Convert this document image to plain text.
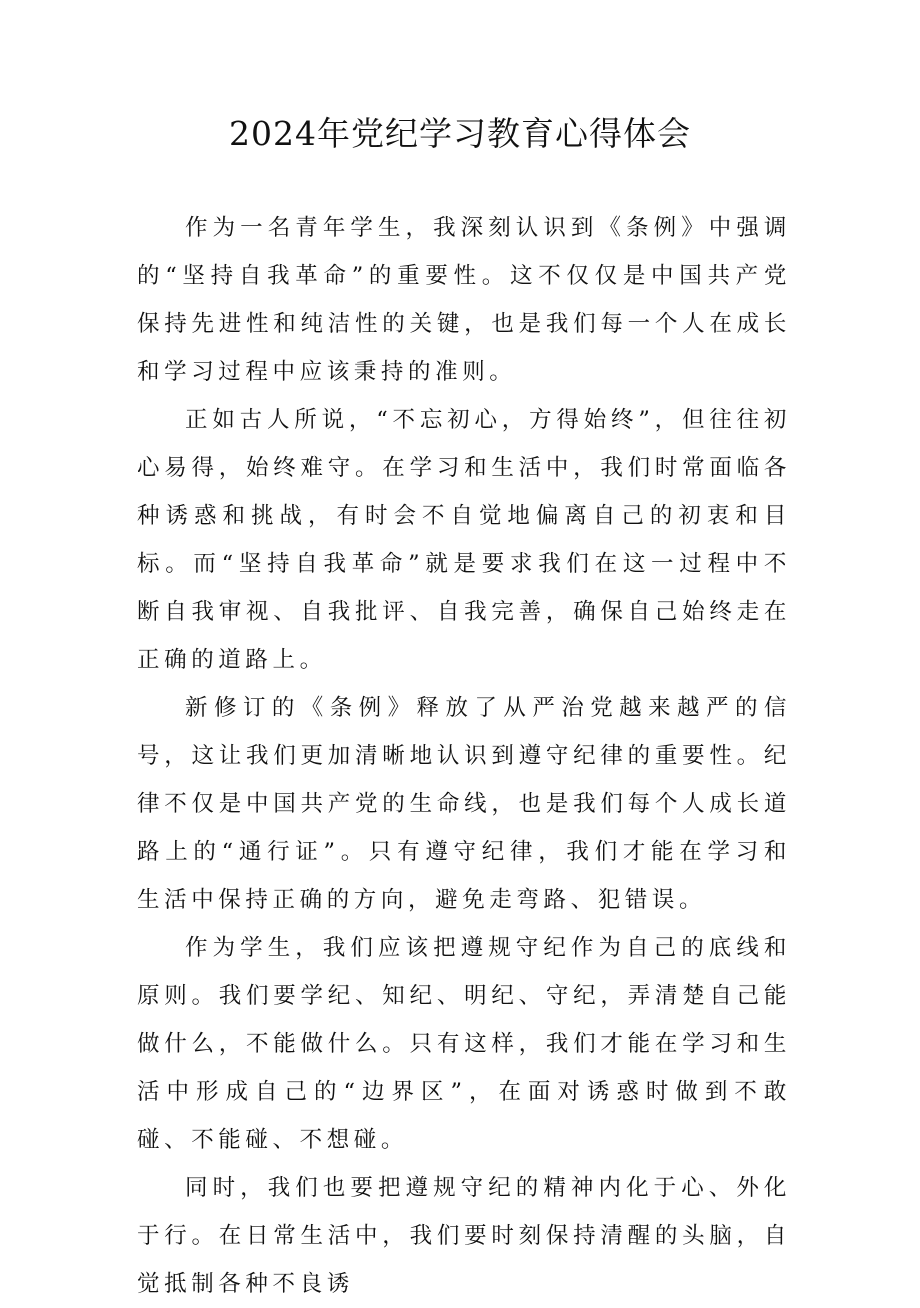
2024年党纪学习教育心得体会

作为一名青年学生，我深刻认识到《条例》中强调的“坚持自我革命”的重要性。这不仅仅是中国共产党保持先进性和纯洁性的关键，也是我们每一个人在成长和学习过程中应该秉持的准则。

正如古人所说，“不忘初心，方得始终”，但往往初心易得，始终难守。在学习和生活中，我们时常面临各种诱惑和挑战，有时会不自觉地偏离自己的初衷和目标。而“坚持自我革命”就是要求我们在这一过程中不断自我审视、自我批评、自我完善，确保自己始终走在正确的道路上。

新修订的《条例》释放了从严治党越来越严的信号，这让我们更加清晰地认识到遵守纪律的重要性。纪律不仅是中国共产党的生命线，也是我们每个人成长道路上的“通行证”。只有遵守纪律，我们才能在学习和生活中保持正确的方向，避免走弯路、犯错误。

作为学生，我们应该把遵规守纪作为自己的底线和原则。我们要学纪、知纪、明纪、守纪，弄清楚自己能做什么，不能做什么。只有这样，我们才能在学习和生活中形成自己的“边界区”，在面对诱惑时做到不敢碰、不能碰、不想碰。

同时，我们也要把遵规守纪的精神内化于心、外化于行。在日常生活中，我们要时刻保持清醒的头脑，自觉抵制各种不良诱
